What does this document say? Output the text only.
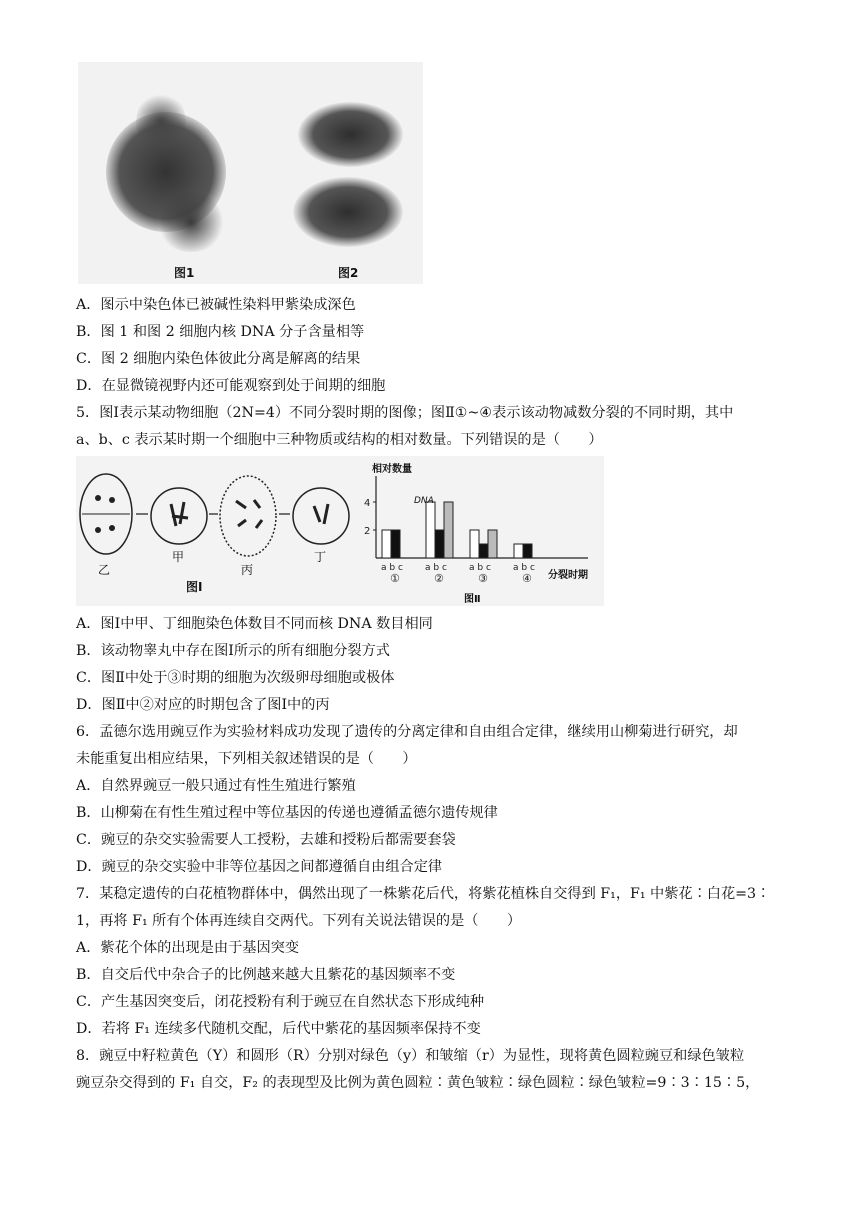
图1	图2
A．图示中染色体已被碱性染料甲紫染成深色
B．图 1 和图 2 细胞内核 DNA 分子含量相等
C．图 2 细胞内染色体彼此分离是解离的结果
D．在显微镜视野内还可能观察到处于间期的细胞
5．图Ⅰ表示某动物细胞（2N=4）不同分裂时期的图像；图Ⅱ①~④表示该动物减数分裂的不同时期，其中
a、b、c 表示某时期一个细胞中三种物质或结构的相对数量。下列错误的是（　　）
乙
甲
丙
丁
图Ⅰ
相对数量
DNA
分裂时期
图Ⅱ
4
2
a b c
①
a b c
②
a b c
③
a b c
④
A．图Ⅰ中甲、丁细胞染色体数目不同而核 DNA 数目相同
B．该动物睾丸中存在图Ⅰ所示的所有细胞分裂方式
C．图Ⅱ中处于③时期的细胞为次级卵母细胞或极体
D．图Ⅱ中②对应的时期包含了图Ⅰ中的丙
6．孟德尔选用豌豆作为实验材料成功发现了遗传的分离定律和自由组合定律，继续用山柳菊进行研究，却
未能重复出相应结果，下列相关叙述错误的是（　　）
A．自然界豌豆一般只通过有性生殖进行繁殖
B．山柳菊在有性生殖过程中等位基因的传递也遵循孟德尔遗传规律
C．豌豆的杂交实验需要人工授粉，去雄和授粉后都需要套袋
D．豌豆的杂交实验中非等位基因之间都遵循自由组合定律
7．某稳定遗传的白花植物群体中，偶然出现了一株紫花后代，将紫花植株自交得到 F₁，F₁ 中紫花∶白花=3∶
1，再将 F₁ 所有个体再连续自交两代。下列有关说法错误的是（　　）
A．紫花个体的出现是由于基因突变
B．自交后代中杂合子的比例越来越大且紫花的基因频率不变
C．产生基因突变后，闭花授粉有利于豌豆在自然状态下形成纯种
D．若将 F₁ 连续多代随机交配，后代中紫花的基因频率保持不变
8．豌豆中籽粒黄色（Y）和圆形（R）分别对绿色（y）和皱缩（r）为显性，现将黄色圆粒豌豆和绿色皱粒
豌豆杂交得到的 F₁ 自交，F₂ 的表现型及比例为黄色圆粒∶黄色皱粒∶绿色圆粒∶绿色皱粒=9∶3∶15∶5，
